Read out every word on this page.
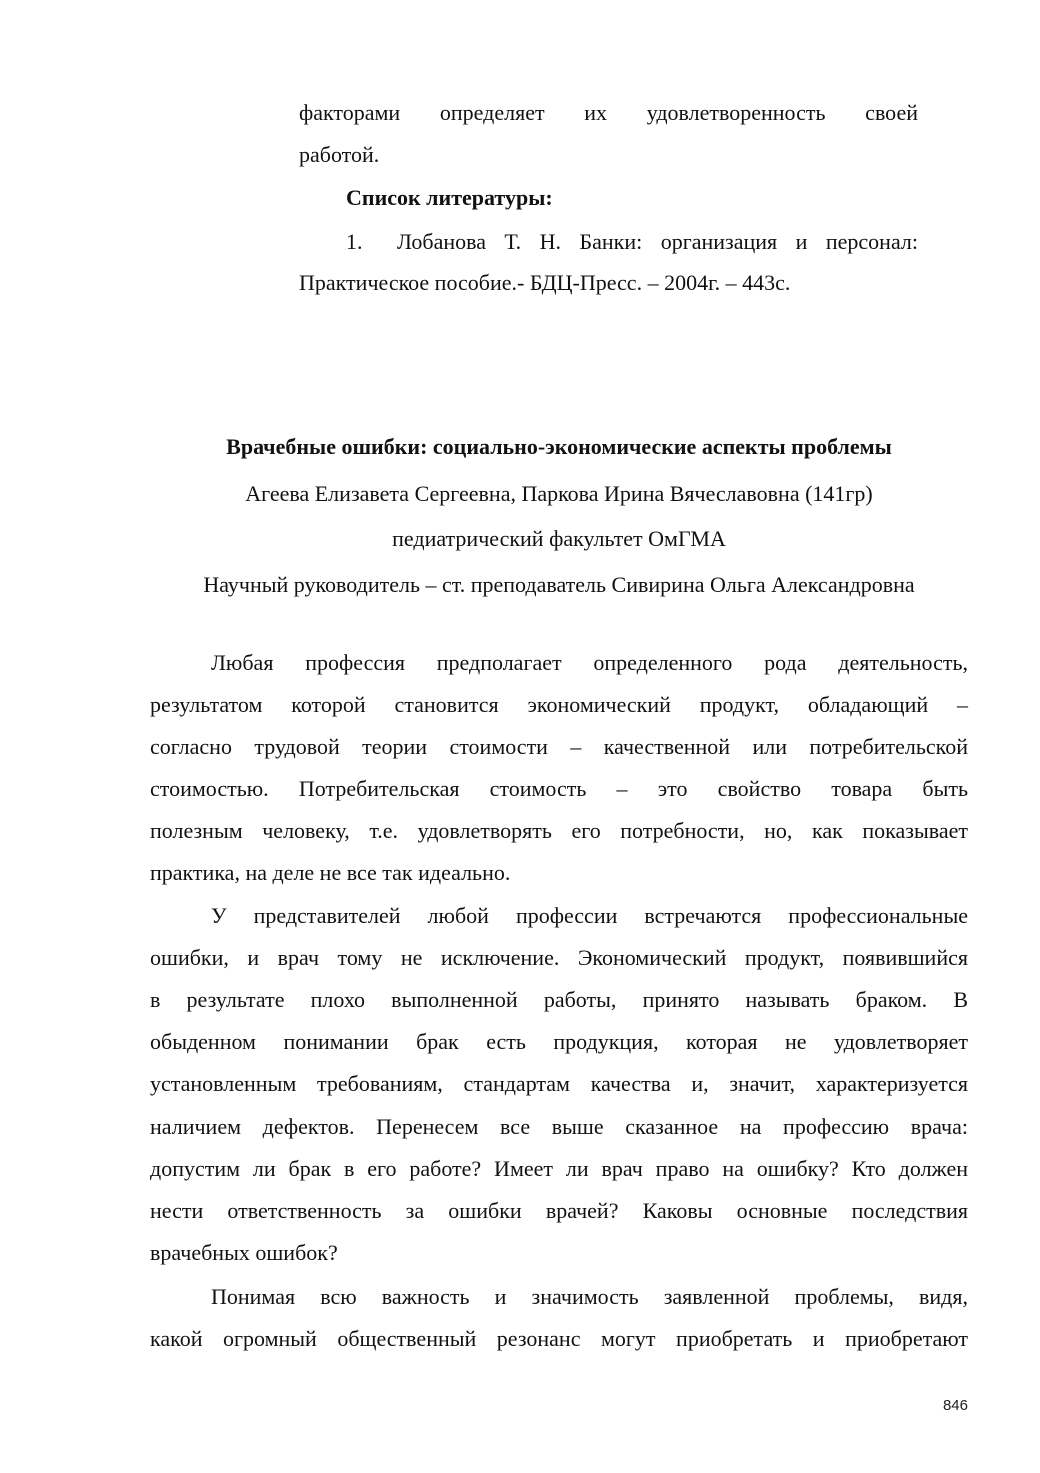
факторами определяет их удовлетворенность своей
работой.
Список литературы:
1. Лобанова Т. Н. Банки: организация и персонал:
Практическое пособие.- БДЦ-Пресс. – 2004г. – 443с.
Врачебные ошибки: социально-экономические аспекты проблемы
Агеева Елизавета Сергеевна, Паркова Ирина Вячеславовна (141гр)
педиатрический факультет ОмГМА
Научный руководитель – ст. преподаватель Сивирина Ольга Александровна
Любая профессия предполагает определенного рода деятельность,
результатом которой становится экономический продукт, обладающий –
согласно трудовой теории стоимости – качественной или потребительской
стоимостью. Потребительская стоимость – это свойство товара быть
полезным человеку, т.е. удовлетворять его потребности, но, как показывает
практика, на деле не все так идеально.
У представителей любой профессии встречаются профессиональные
ошибки, и врач тому не исключение. Экономический продукт, появившийся
в результате плохо выполненной работы, принято называть браком. В
обыденном понимании брак есть продукция, которая не удовлетворяет
установленным требованиям, стандартам качества и, значит, характеризуется
наличием дефектов. Перенесем все выше сказанное на профессию врача:
допустим ли брак в его работе? Имеет ли врач право на ошибку? Кто должен
нести ответственность за ошибки врачей? Каковы основные последствия
врачебных ошибок?
Понимая всю важность и значимость заявленной проблемы, видя,
какой огромный общественный резонанс могут приобретать и приобретают
846
